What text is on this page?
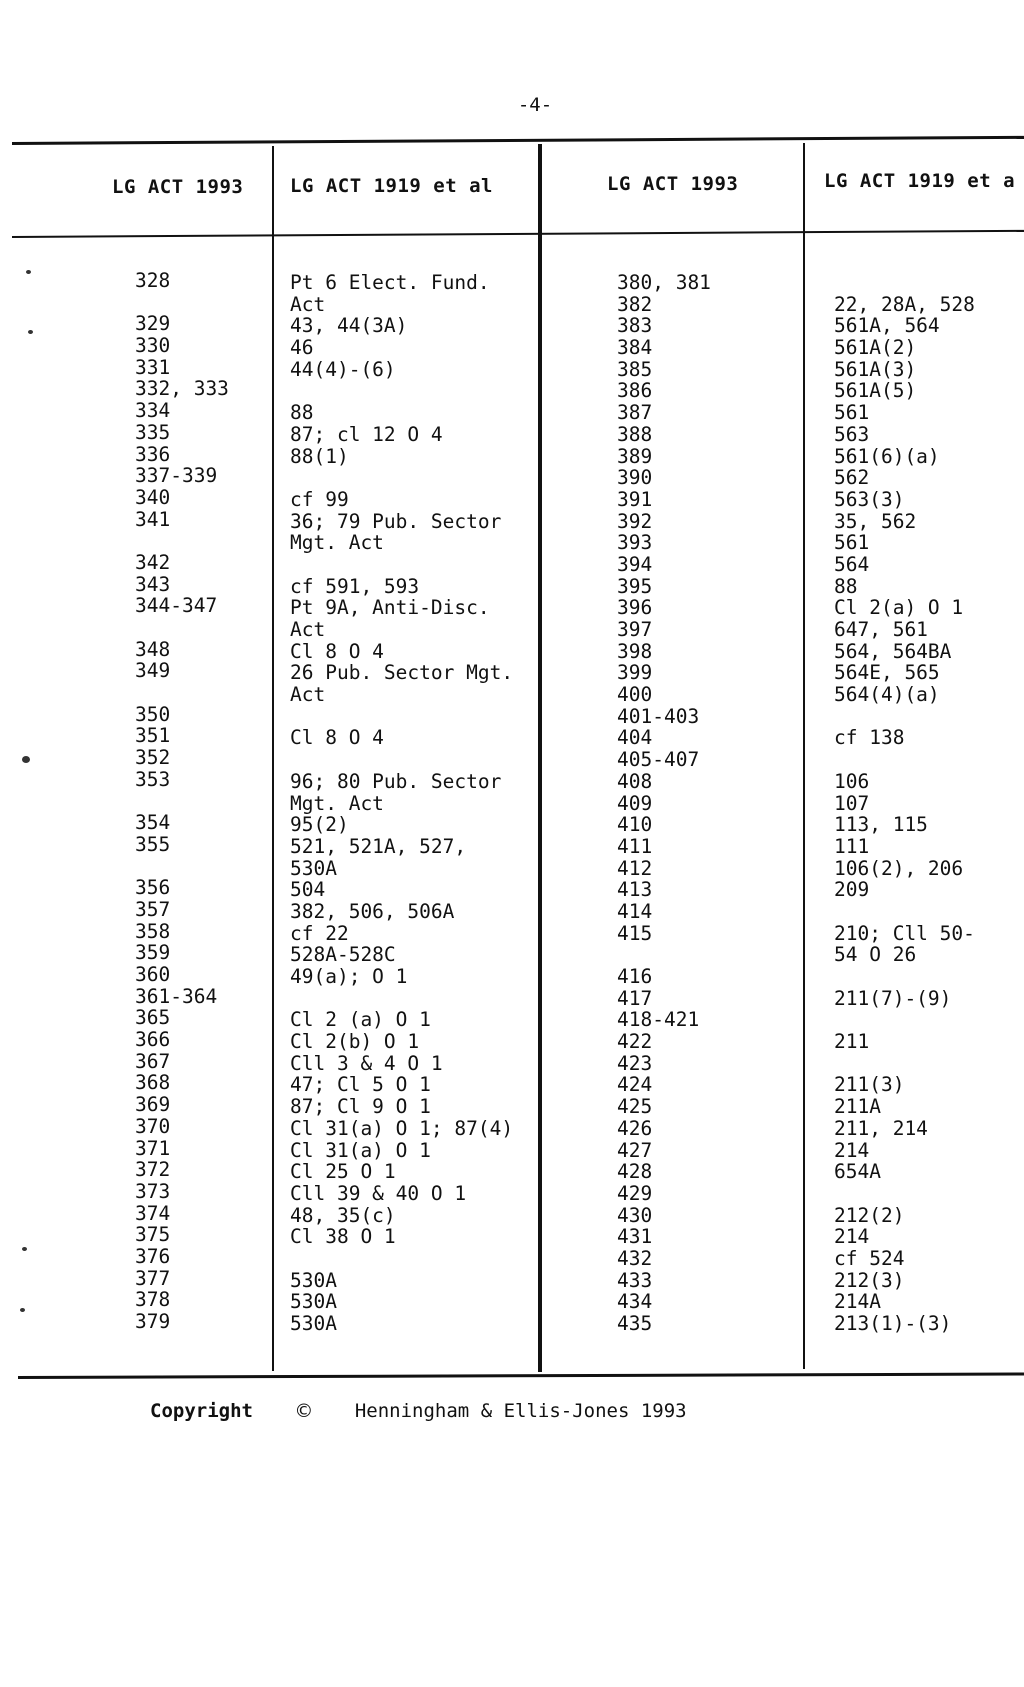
-4-
LG ACT 1993 LG ACT 1919 et al	LG ACT 1993	LG ACT 1919 et a
328
329
330
331
332, 333
334
335
336
337-339
340
341
342
343
344-347
348
349
350
351
352
353
354
355
356
357
358
359
360
361-364
365
366
367
368
369
370
371
372
373
374
375
376
377
378
379
Pt 6 Elect. Fund.
Act
43, 44(3A)
46
44(4)-(6)
88
87; cl 12 O 4
88(1)
cf 99
36; 79 Pub. Sector
Mgt. Act
cf 591, 593
Pt 9A, Anti-Disc.
Act
Cl 8 O 4
26 Pub. Sector Mgt.
Act
Cl 8 O 4
96; 80 Pub. Sector
Mgt. Act
95(2)
521, 521A, 527,
530A
504
382, 506, 506A
cf 22
528A-528C
49(a); O 1
Cl 2 (a) O 1
Cl 2(b) O 1
Cll 3 & 4 O 1
47; Cl 5 O 1
87; Cl 9 O 1
Cl 31(a) O 1; 87(4)
Cl 31(a) O 1
Cl 25 O 1
Cll 39 & 40 O 1
48, 35(c)
Cl 38 O 1
530A
530A
530A
380, 381
382
383
384
385
386
387
388
389
390
391
392
393
394
395
396
397
398
399
400
401-403
404
405-407
408
409
410
411
412
413
414
415
416
417
418-421
422
423
424
425
426
427
428
429
430
431
432
433
434
435
22, 28A, 528
561A, 564
561A(2)
561A(3)
561A(5)
561
563
561(6)(a)
562
563(3)
35, 562
561
564
88
Cl 2(a) O 1
647, 561
564, 564BA
564E, 565
564(4)(a)
cf 138
106
107
113, 115
111
106(2), 206
209
210; Cll 50-
54 O 26
211(7)-(9)
211
211(3)
211A
211, 214
214
654A
212(2)
214
cf 524
212(3)
214A
213(1)-(3)
Copyright © Henningham & Ellis-Jones 1993
